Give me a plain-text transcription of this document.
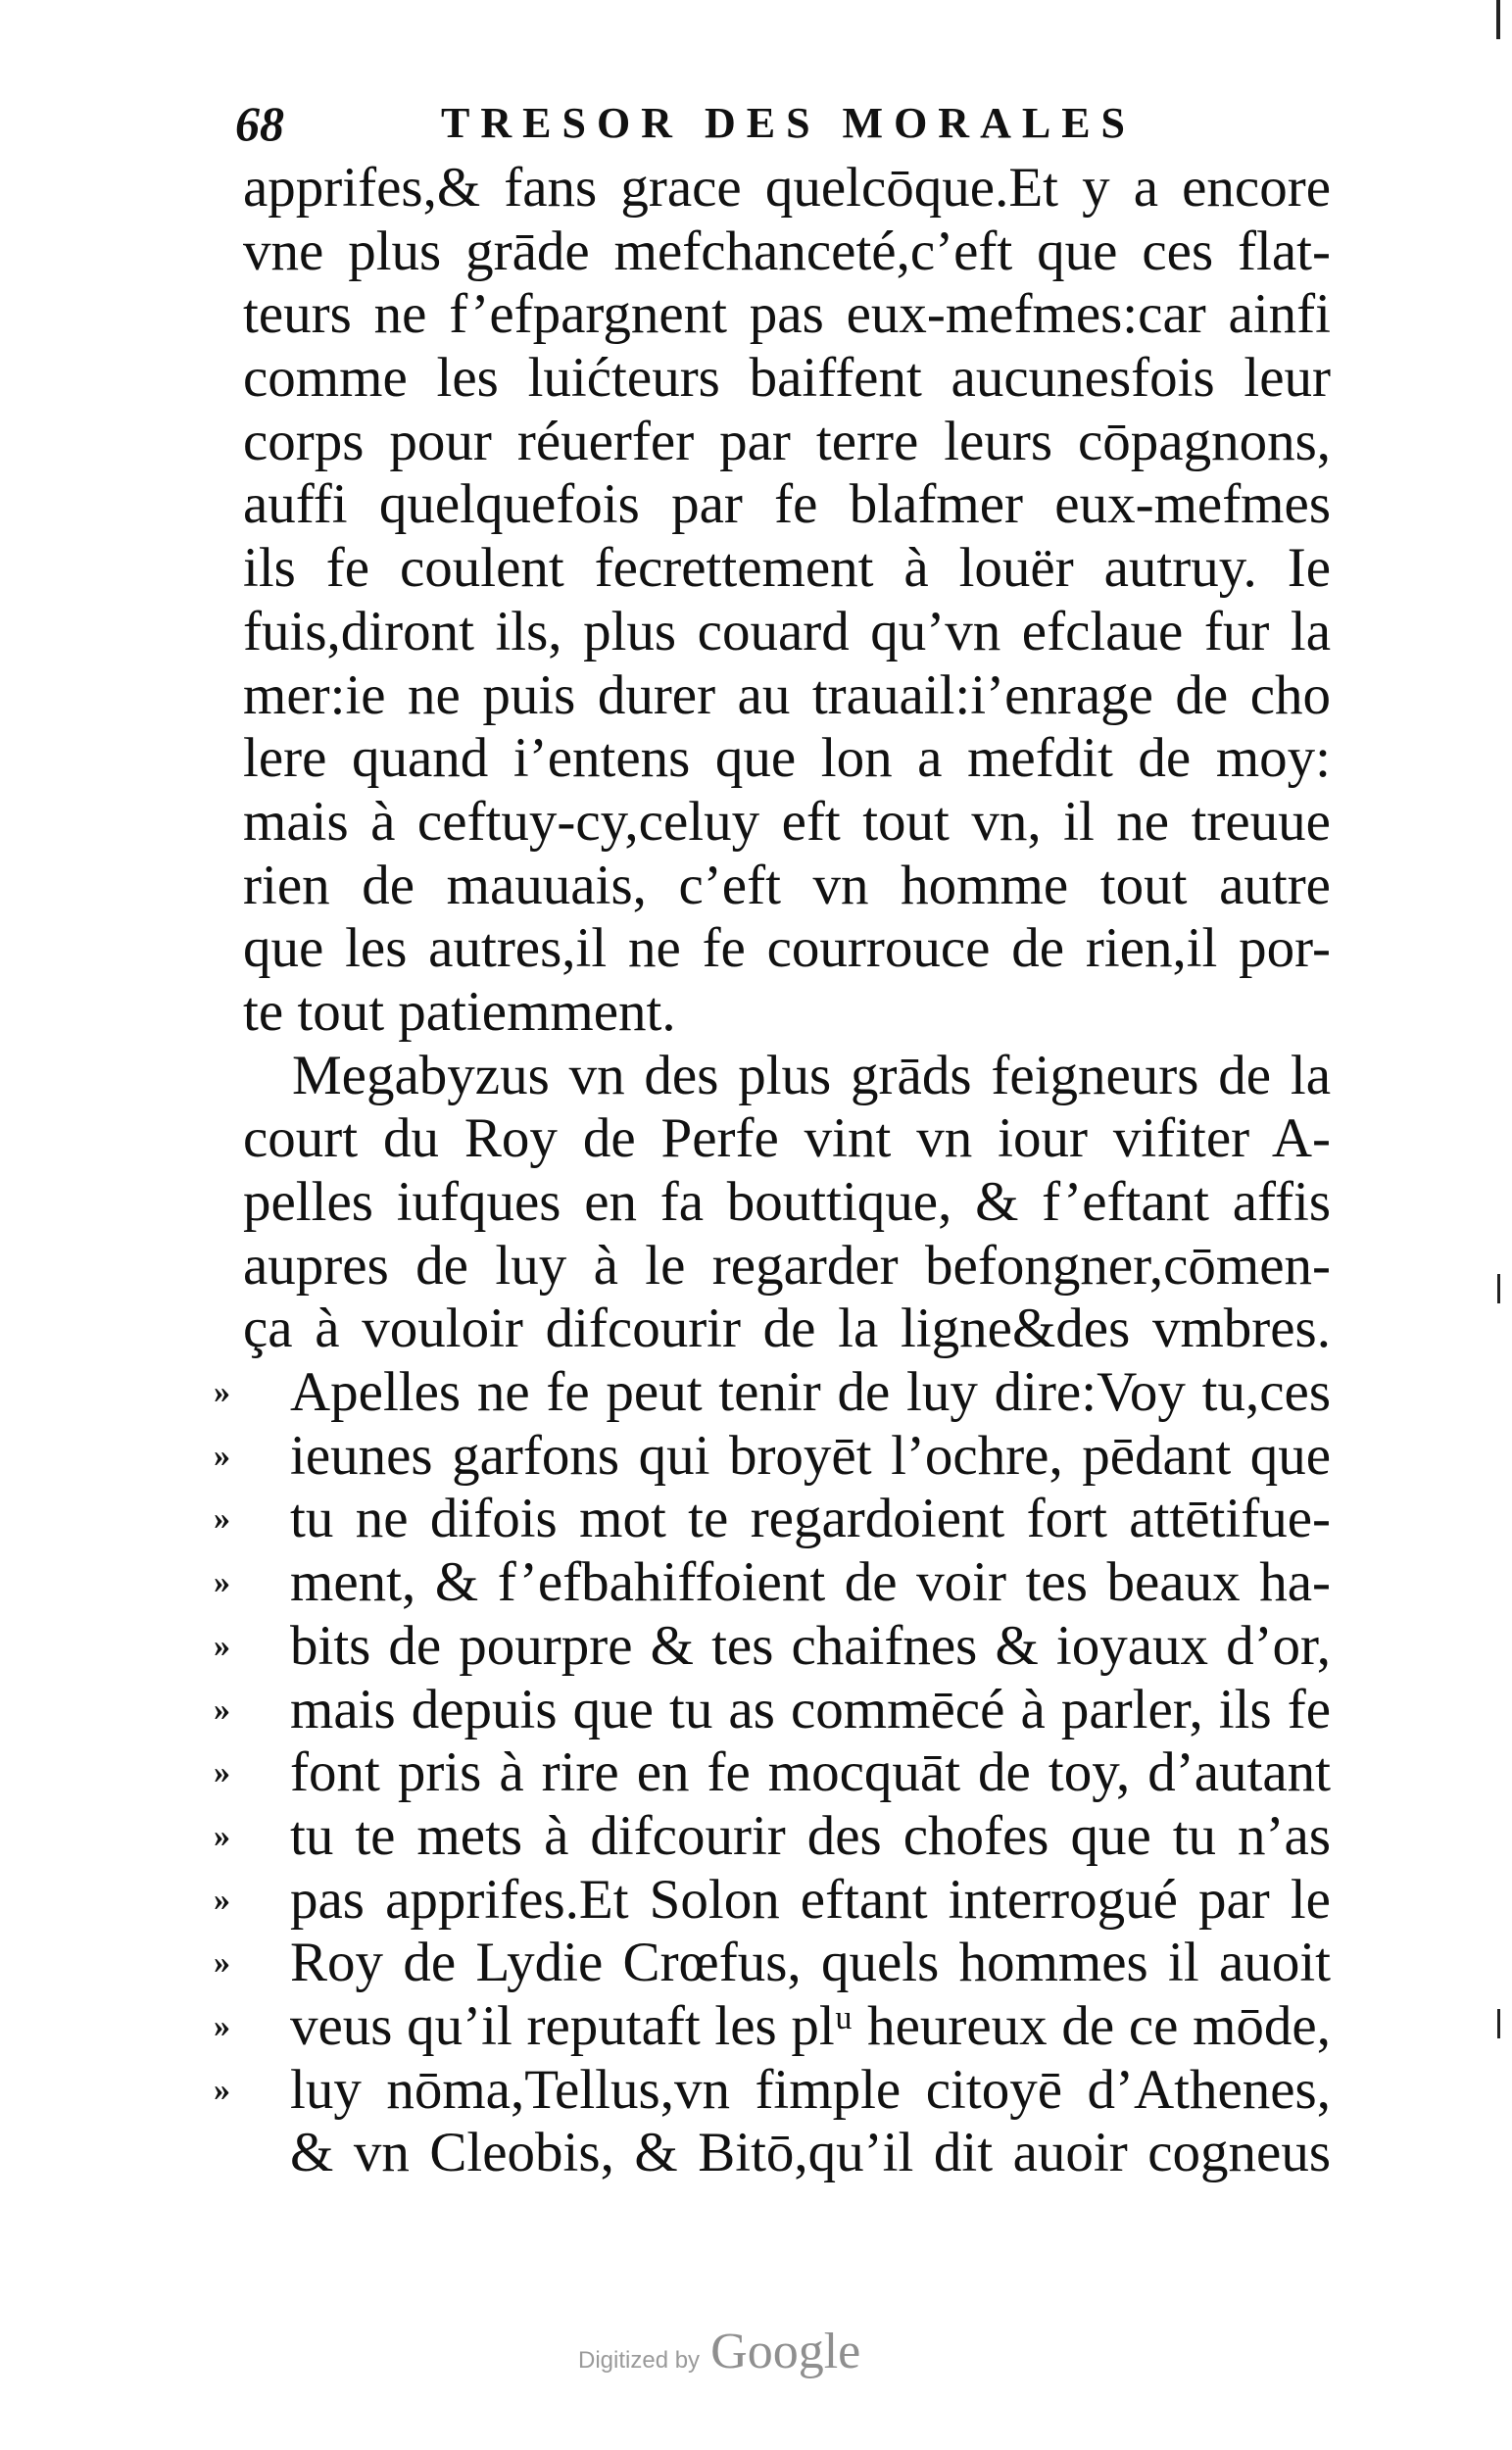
68	TRESOR DES MORALES
apprifes,& fans grace quelcōque.Et y a encore
vne plus grāde mefchanceté,c’eft que ces flat-
teurs ne f’efpargnent pas eux-mefmes:car ainfi
comme les luićteurs baiffent aucunesfois leur
corps pour réuerfer par terre leurs cōpagnons,
auffi quelquefois par fe blafmer eux-mefmes
ils fe coulent fecrettement à louër autruy. Ie
fuis,diront ils, plus couard qu’vn efclaue fur la
mer:ie ne puis durer au trauail:i’enrage de cho
lere quand i’entens que lon a mefdit de moy:
mais à ceftuy-cy,celuy eft tout vn, il ne treuue
rien de mauuais, c’eft vn homme tout autre
que les autres,il ne fe courrouce de rien,il por-
te tout patiemment.
Megabyzus vn des plus grāds feigneurs de la
court du Roy de Perfe vint vn iour vifiter A-
pelles iufques en fa bouttique, & f’eftant affis
aupres de luy à le regarder befongner,cōmen-
ça à vouloir difcourir de la ligne&des vmbres.
» Apelles ne fe peut tenir de luy dire:Voy tu,ces
» ieunes garfons qui broyēt l’ochre, pēdant que
» tu ne difois mot te regardoient fort attētifue-
» ment, & f’efbahiffoient de voir tes beaux ha-
» bits de pourpre & tes chaifnes & ioyaux d’or,
» mais depuis que tu as commēcé à parler, ils fe
» font pris à rire en fe mocquāt de toy, d’autant
» tu te mets à difcourir des chofes que tu n’as
» pas apprifes.Et Solon eftant interrogué par le
» Roy de Lydie Crœfus, quels hommes il auoit
» veus qu’il reputaft les plᵘ heureux de ce mōde,
» luy nōma,Tellus,vn fimple citoyē d’Athenes,
& vn Cleobis, & Bitō,qu’il dit auoir cogneus
Digitized by Google
